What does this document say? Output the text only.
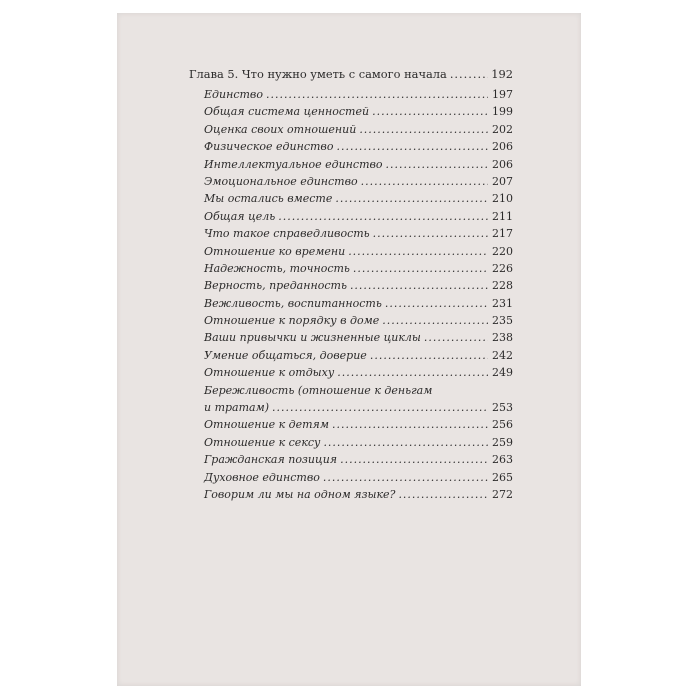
Глава 5. Что нужно уметь с самого начала .....	192
Единство .....	197
Общая система ценностей .....	199
Оценка своих отношений .....	202
Физическое единство .....	206
Интеллектуальное единство .....	206
Эмоциональное единство .....	207
Мы остались вместе .....	210
Общая цель .....	211
Что такое справедливость .....	217
Отношение ко времени .....	220
Надежность, точность .....	226
Верность, преданность .....	228
Вежливость, воспитанность .....	231
Отношение к порядку в доме .....	235
Ваши привычки и жизненные циклы .....	238
Умение общаться, доверие .....	242
Отношение к отдыху .....	249
Бережливость (отношение к деньгам
и тратам) .....	253
Отношение к детям .....	256
Отношение к сексу .....	259
Гражданская позиция .....	263
Духовное единство .....	265
Говорим ли мы на одном языке? .....	272
